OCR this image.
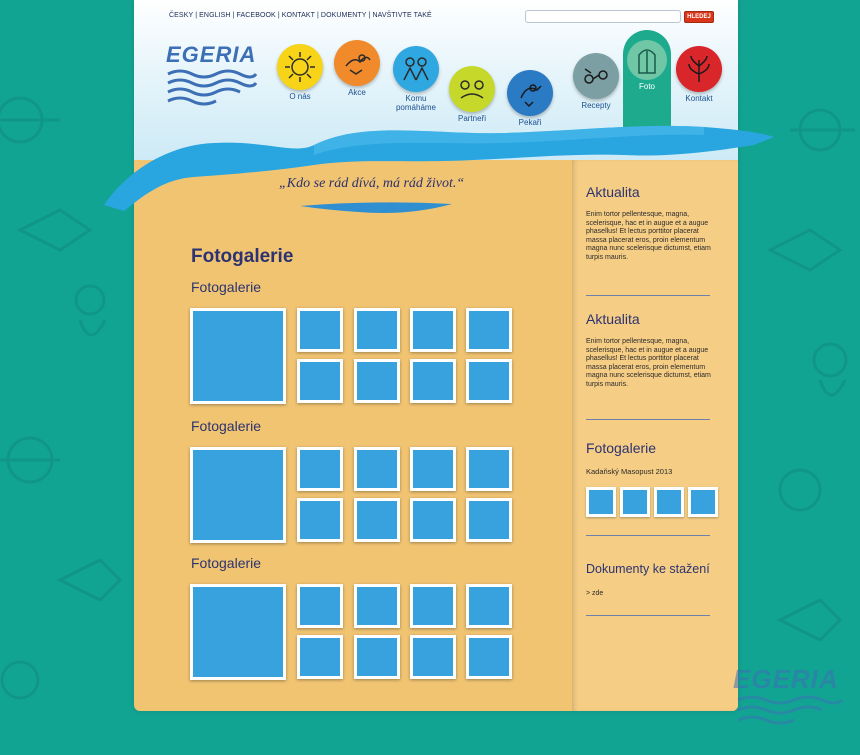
ČESKY | ENGLISH | FACEBOOK | KONTAKT | DOKUMENTY | NAVŠTIVTE TAKÉ	HLEDEJ
EGERIA
O nás	Akce
Komu pomáháme
Partneři	Pekaři
Recepty
Foto
Kontakt
„Kdo se rád dívá, má rád život.“
Fotogalerie
Fotogalerie
Fotogalerie
Fotogalerie
Aktualita
Enim tortor pellentesque, magna, scelerisque, hac et in augue et a augue phasellus! Et lectus porttitor placerat massa placerat eros, proin elementum magna nunc scelerisque dictumst, etiam turpis mauris.
Aktualita
Enim tortor pellentesque, magna, scelerisque, hac et in augue et a augue phasellus! Et lectus porttitor placerat massa placerat eros, proin elementum magna nunc scelerisque dictumst, etiam turpis mauris.
Fotogalerie
Kadaňský Masopust 2013
Dokumenty ke stažení
> zde
EGERIA
